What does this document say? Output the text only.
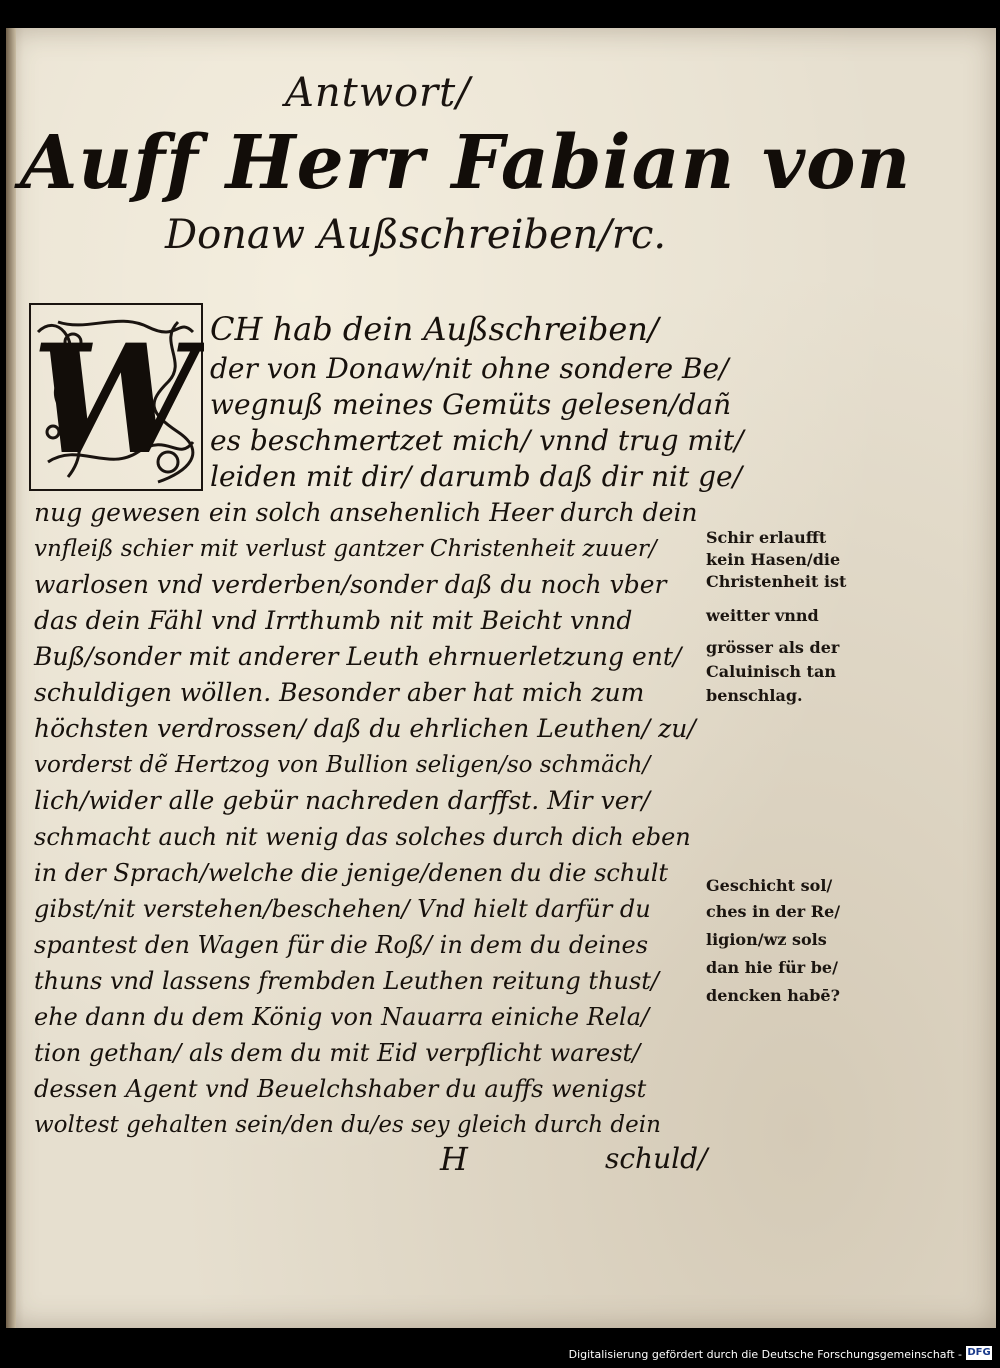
Antwort/
Auff Herr Fabian von
Donaw Außschreiben/rc.
W CH hab dein Außschreiben/
der von Donaw/nit ohne sondere Be/
wegnuß meines Gemüts gelesen/dañ
es beschmertzet mich/ vnnd trug mit/
leiden mit dir/ darumb daß dir nit ge/
nug gewesen ein solch ansehenlich Heer durch dein
vnfleiß schier mit verlust gantzer Christenheit zuuer/
warlosen vnd verderben/sonder daß du noch vber
das dein Fähl vnd Irrthumb nit mit Beicht vnnd
Buß/sonder mit anderer Leuth ehrnuerletzung ent/
schuldigen wöllen. Besonder aber hat mich zum
höchsten verdrossen/ daß du ehrlichen Leuthen/ zu/
vorderst dẽ Hertzog von Bullion seligen/so schmäch/
lich/wider alle gebür nachreden darffst. Mir ver/
schmacht auch nit wenig das solches durch dich eben
in der Sprach/welche die jenige/denen du die schult
gibst/nit verstehen/beschehen/ Vnd hielt darfür du
spantest den Wagen für die Roß/ in dem du deines
thuns vnd lassens frembden Leuthen reitung thust/
ehe dann du dem König von Nauarra einiche Rela/
tion gethan/ als dem du mit Eid verpflicht warest/
dessen Agent vnd Beuelchshaber du auffs wenigst
woltest gehalten sein/den du/es sey gleich durch dein
H	schuld/
Schir erlaufft
kein Hasen/die
Christenheit ist
weitter vnnd
grösser als der
Caluinisch tan
benschlag.
Geschicht sol/
ches in der Re/
ligion/wz sols
dan hie für be/
dencken habē?
Digitalisierung gefördert durch die Deutsche Forschungsgemeinschaft - DFG
